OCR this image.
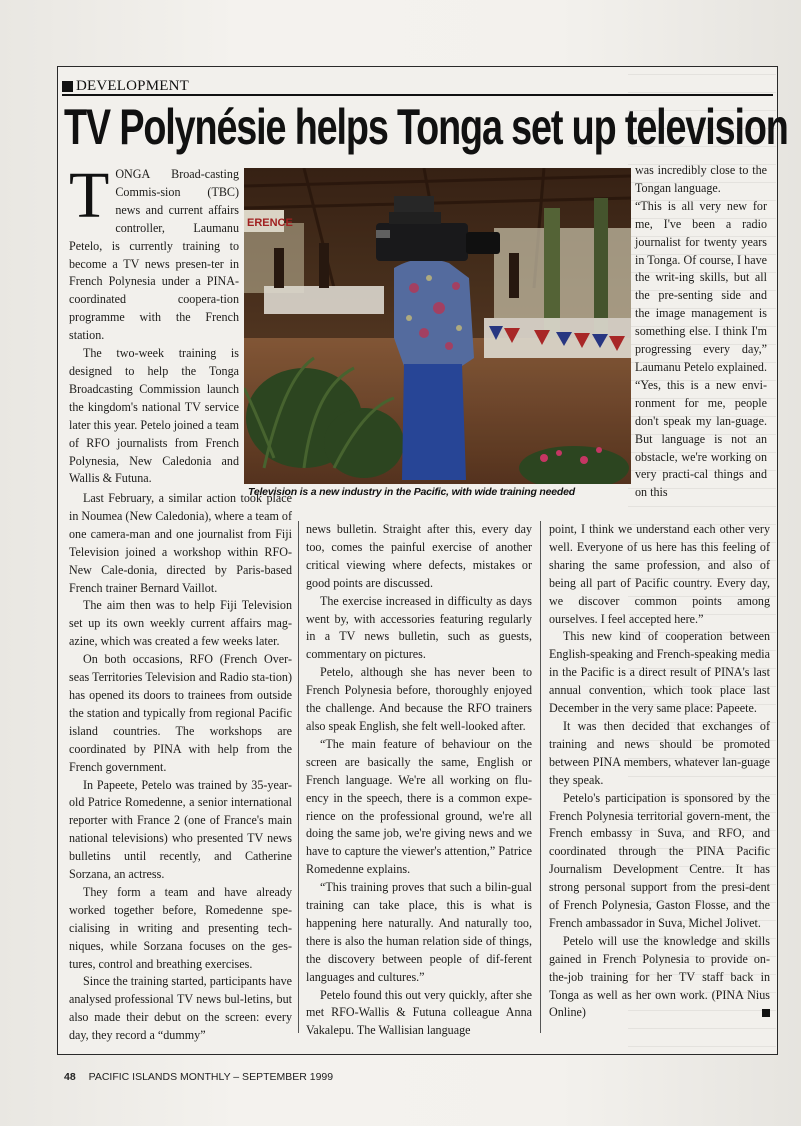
DEVELOPMENT
TV Polynésie helps Tonga set up television
T ONGA Broad-casting Commis-sion (TBC) news and current affairs controller, Laumanu Petelo, is currently training to become a TV news presen-ter in French Polynesia under a PINA-coordinated coopera-tion programme with the French station.

The two-week training is designed to help the Tonga Broadcasting Commission launch the kingdom's national TV service later this year. Petelo joined a team of RFO journalists from French Polynesia, New Caledonia and Wallis & Futuna.

ERENCE
Television is a new industry in the Pacific, with wide training needed

was incredibly close to the Tongan language.

“This is all very new for me, I've been a radio journalist for twenty years in Tonga. Of course, I have the writ-ing skills, but all the pre-senting side and the image management is something else. I think I'm progressing every day,” Laumanu Petelo explained.

“Yes, this is a new envi-ronment for me, people don't speak my lan-guage. But language is not an obstacle, we're working on very practi-cal things and on this

Last February, a similar action took place in Noumea (New Caledonia), where a team of one camera-man and one journalist from Fiji Television joined a workshop within RFO-New Cale-donia, directed by Paris-based French trainer Bernard Vaillot.

The aim then was to help Fiji Television set up its own weekly current affairs mag-azine, which was created a few weeks later.

On both occasions, RFO (French Over-seas Territories Television and Radio sta-tion) has opened its doors to trainees from outside the station and typically from regional Pacific island countries. The workshops are coordinated by PINA with help from the French government.

In Papeete, Petelo was trained by 35-year-old Patrice Romedenne, a senior international reporter with France 2 (one of France's main national televisions) who presented TV news bulletins until recently, and Catherine Sorzana, an actress.

They form a team and have already worked together before, Romedenne spe-cialising in writing and presenting tech-niques, while Sorzana focuses on the ges-tures, control and breathing exercises.

Since the training started, participants have analysed professional TV news bul-letins, but also made their debut on the screen: every day, they record a “dummy”

news bulletin. Straight after this, every day too, comes the painful exercise of another critical viewing where defects, mistakes or good points are discussed.

The exercise increased in difficulty as days went by, with accessories featuring regularly in a TV news bulletin, such as guests, commentary on pictures.

Petelo, although she has never been to French Polynesia before, thoroughly enjoyed the challenge. And because the RFO trainers also speak English, she felt well-looked after.

“The main feature of behaviour on the screen are basically the same, English or French language. We're all working on flu-ency in the speech, there is a common expe-rience on the professional ground, we're all doing the same job, we're giving news and we have to capture the viewer's attention,” Patrice Romedenne explains.

“This training proves that such a bilin-gual training can take place, this is what is happening here naturally. And naturally too, there is also the human relation side of things, the discovery between people of dif-ferent languages and cultures.”

Petelo found this out very quickly, after she met RFO-Wallis & Futuna colleague Anna Vakalepu. The Wallisian language

point, I think we understand each other very well. Everyone of us here has this feeling of sharing the same profession, and also of being all part of Pacific country. Every day, we discover common points among ourselves. I feel accepted here.”

This new kind of cooperation between English-speaking and French-speaking media in the Pacific is a direct result of PINA's last annual convention, which took place last December in the very same place: Papeete.

It was then decided that exchanges of training and news should be promoted between PINA members, whatever lan-guage they speak.

Petelo's participation is sponsored by the French Polynesia territorial govern-ment, the French embassy in Suva, and RFO, and coordinated through the PINA Pacific Journalism Development Centre. It has strong personal support from the presi-dent of French Polynesia, Gaston Flosse, and the French ambassador in Suva, Michel Jolivet.

Petelo will use the knowledge and skills gained in French Polynesia to provide on-the-job training for her TV staff back in Tonga as well as her own work. (PINA Nius Online)

48 PACIFIC ISLANDS MONTHLY – SEPTEMBER 1999
